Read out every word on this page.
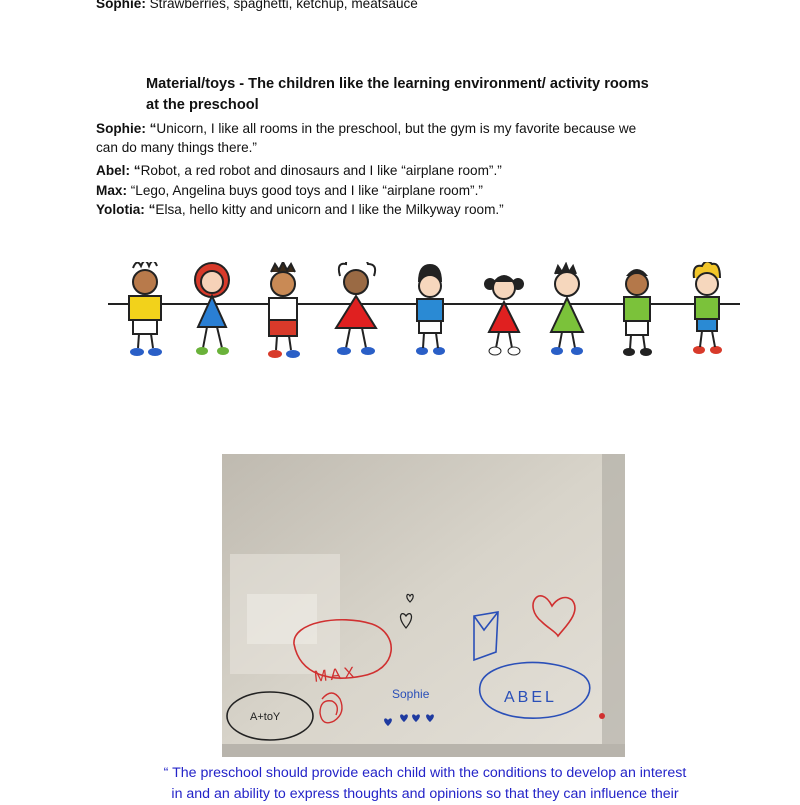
Sophie: Strawberries, spaghetti, ketchup, meatsauce
Material/toys - The children like the learning environment/ activity rooms
at the preschool
Sophie: “Unicorn, I like all rooms in the preschool, but the gym is my favorite because we
can do many things there.”
Abel: “Robot, a red robot and dinosaurs and I like “airplane room”.”
Max: “Lego, Angelina buys good toys and I like “airplane room”.”
Yolotia: “Elsa, hello kitty and unicorn and I like the Milkyway room.”
MAX
A+toY
Sophie	ABEL
“ The preschool should provide each child with the conditions to develop an interest
in and an ability to express thoughts and opinions so that they can influence their
